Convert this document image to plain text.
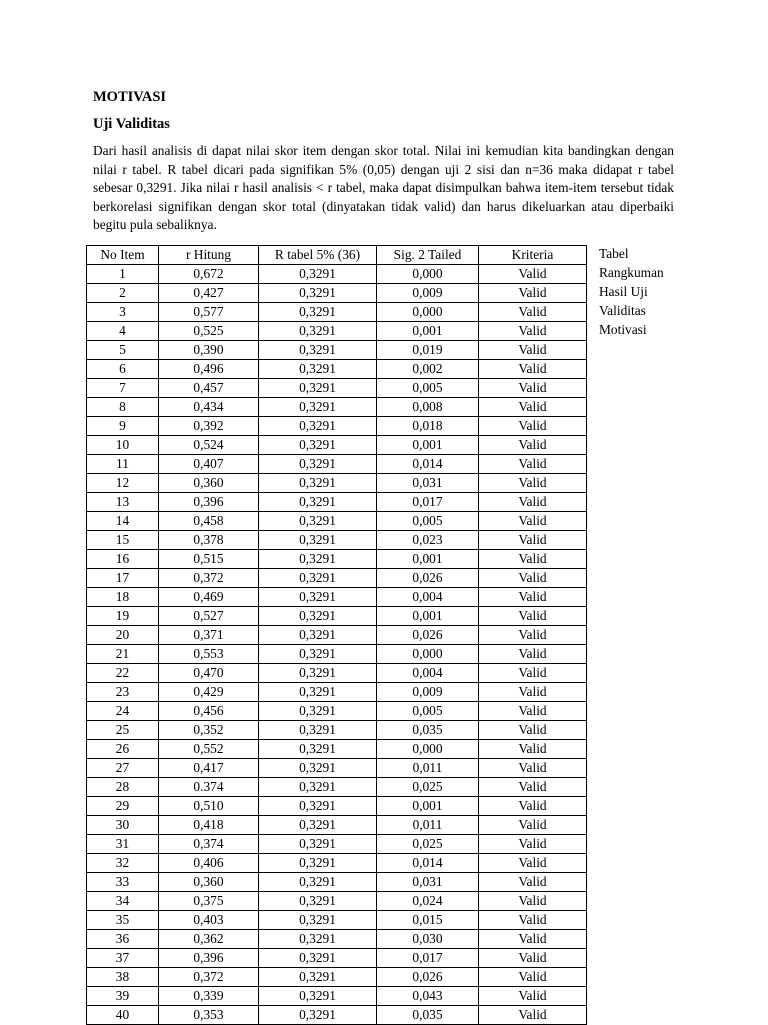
MOTIVASI
Uji Validitas

Dari hasil analisis di dapat nilai skor item dengan skor total. Nilai ini kemudian kita bandingkan dengan nilai r tabel. R tabel dicari pada signifikan 5% (0,05) dengan uji 2 sisi dan n=36 maka didapat r tabel sebesar 0,3291. Jika nilai r hasil analisis < r tabel, maka dapat disimpulkan bahwa item-item tersebut tidak berkorelasi signifikan dengan skor total (dinyatakan tidak valid) dan harus dikeluarkan atau diperbaiki begitu pula sebaliknya.

No Item	r Hitung	R tabel 5% (36)	Sig. 2 Tailed	Kriteria
1	0,672	0,3291	0,000	Valid
2	0,427	0,3291	0,009	Valid
3	0,577	0,3291	0,000	Valid
4	0,525	0,3291	0,001	Valid
5	0,390	0,3291	0,019	Valid
6	0,496	0,3291	0,002	Valid
7	0,457	0,3291	0,005	Valid
8	0,434	0,3291	0,008	Valid
9	0,392	0,3291	0,018	Valid
10	0,524	0,3291	0,001	Valid
11	0,407	0,3291	0,014	Valid
12	0,360	0,3291	0,031	Valid
13	0,396	0,3291	0,017	Valid
14	0,458	0,3291	0,005	Valid
15	0,378	0,3291	0,023	Valid
16	0,515	0,3291	0,001	Valid
17	0,372	0,3291	0,026	Valid
18	0,469	0,3291	0,004	Valid
19	0,527	0,3291	0,001	Valid
20	0,371	0,3291	0,026	Valid
21	0,553	0,3291	0,000	Valid
22	0,470	0,3291	0,004	Valid
23	0,429	0,3291	0,009	Valid
24	0,456	0,3291	0,005	Valid
25	0,352	0,3291	0,035	Valid
26	0,552	0,3291	0,000	Valid
27	0,417	0,3291	0,011	Valid
28	0.374	0,3291	0,025	Valid
29	0,510	0,3291	0,001	Valid
30	0,418	0,3291	0,011	Valid
31	0,374	0,3291	0,025	Valid
32	0,406	0,3291	0,014	Valid
33	0,360	0,3291	0,031	Valid
34	0,375	0,3291	0,024	Valid
35	0,403	0,3291	0,015	Valid
36	0,362	0,3291	0,030	Valid
37	0,396	0,3291	0,017	Valid
38	0,372	0,3291	0,026	Valid
39	0,339	0,3291	0,043	Valid
40	0,353	0,3291	0,035	Valid

Tabel Rangkuman Hasil Uji Validitas Motivasi
